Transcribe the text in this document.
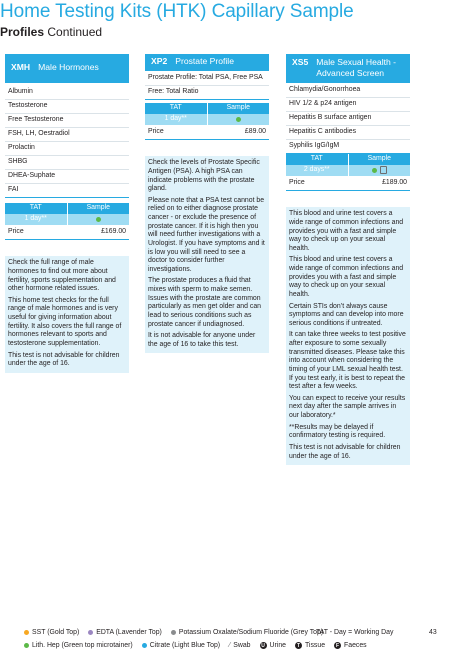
Home Testing Kits (HTK) Capillary Sample
Profiles Continued
XMH Male Hormones
Albumin
Testosterone
Free Testosterone
FSH, LH, Oestradiol
Prolactin
SHBG
DHEA-Suphate
FAI
TAT	Sample
1 day**
Price	£169.00

Check the full range of male hormones to find out more about fertility, sports supplementation and other hormone related issues.

This home test checks for the full range of male hormones and is very useful for giving information about fertility. It also covers the full range of hormones relevant to sports and testosterone supplementation.

This test is not advisable for children under the age of 16.

XP2 Prostate Profile
Prostate Profile: Total PSA, Free PSA
Free: Total Ratio
TAT	Sample
1 day**
Price	£89.00

Check the levels of Prostate Specific Antigen (PSA). A high PSA can indicate problems with the prostate gland.

Please note that a PSA test cannot be relied on to either diagnose prostate cancer - or exclude the presence of prostate cancer. If it is high then you will need further investigations with a Urologist. If you have symptoms and it is low you will still need to see a doctor to consider further investigations.

The prostate produces a fluid that mixes with sperm to make semen. Issues with the prostate are common particularly as men get older and can lead to serious conditions such as prostate cancer if undiagnosed.

It is not advisable for anyone under the age of 16 to take this test.

XS5 Male Sexual Health - Advanced Screen
Chlamydia/Gonorrhoea
HIV 1/2 & p24 antigen
Hepatitis B surface antigen
Hepatitis C antibodies
Syphilis IgG/IgM
TAT	Sample
2 days**
Price	£189.00

This blood and urine test covers a wide range of common infections and provides you with a fast and simple way to check up on your sexual health.

This blood and urine test covers a wide range of common infections and provides you with a fast and simple way to check up on your sexual health.

Certain STIs don’t always cause symptoms and can develop into more serious conditions if untreated.

It can take three weeks to test positive after exposure to some sexually transmitted diseases. Please take this into account when considering the timing of your LML sexual health test. If you test early, it is best to repeat the test after a few weeks.

You can expect to receive your results next day after the sample arrives in our laboratory.*

**Results may be delayed if confirmatory testing is required.

This test is not advisable for children under the age of 16.

SST (Gold Top) EDTA (Lavender Top) Potassium Oxalate/Sodium Fluoride (Grey Top)
Lith. Hep (Green top microtainer) Citrate (Light Blue Top) ⁄ Swab	U Urine	T Tissue	F Faeces
TAT - Day = Working Day	43
